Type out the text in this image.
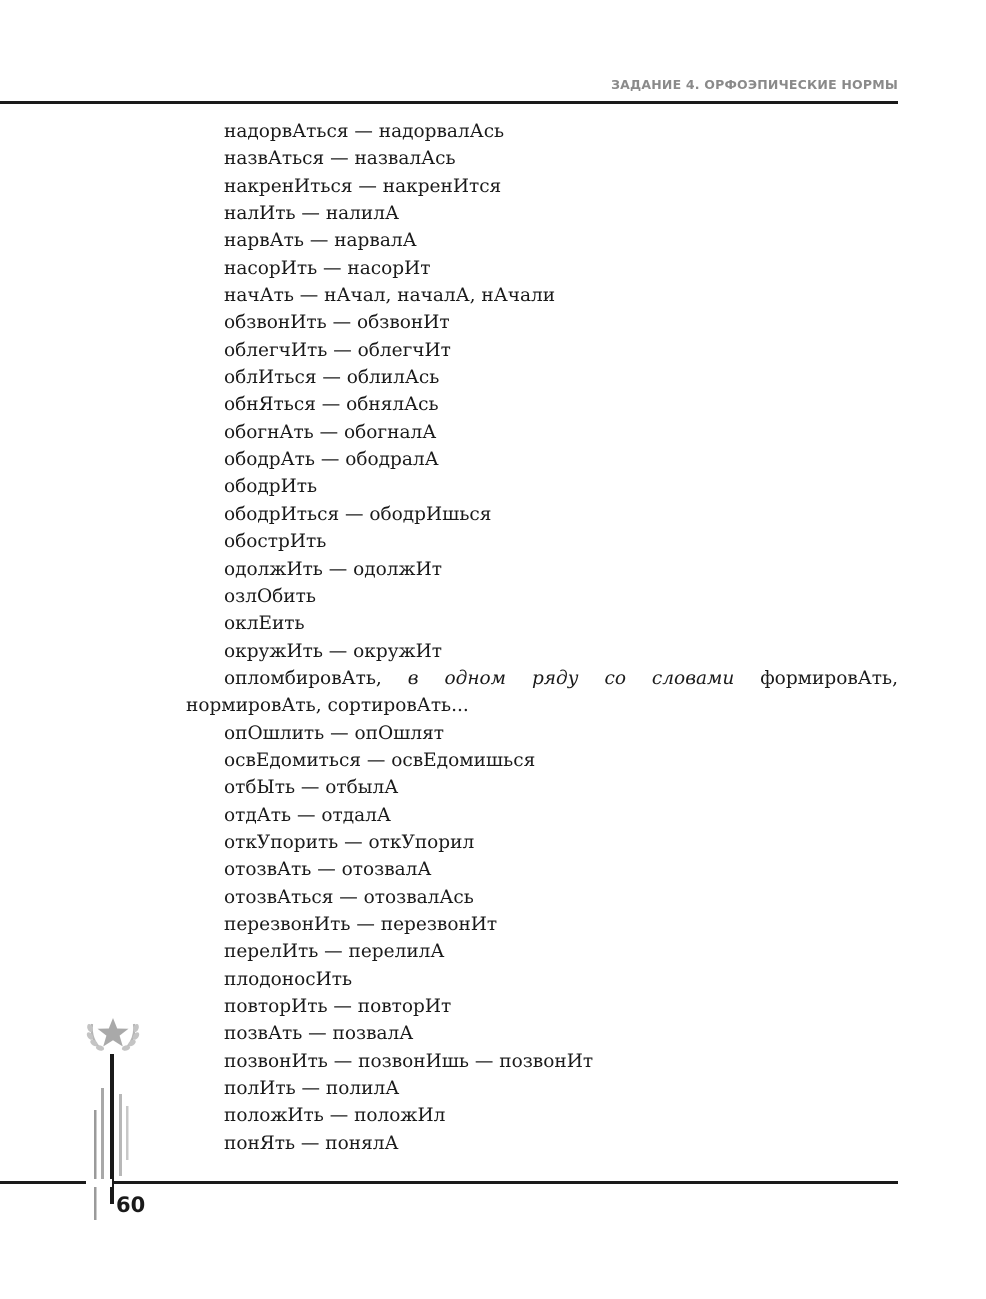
ЗАДАНИЕ 4. ОРФОЭПИЧЕСКИЕ НОРМЫ
надорвАться — надорвалАсь
назвАться — назвалАсь
накренИться — накренИтся
налИть — налилА
нарвАть — нарвалА
насорИть — насорИт
начАть — нАчал, началА, нАчали
обзвонИть — обзвонИт
облегчИть — облегчИт
облИться — облилАсь
обнЯться — обнялАсь
обогнАть — обогналА
ободрАть — ободралА
ободрИть
ободрИться — ободрИшься
обострИть
одолжИть — одолжИт
озлОбить
оклЕить
окружИть — окружИт
опломбировАть, в одном ряду со словами формировАть, нормировАть, сортировАть...
опОшлить — опОшлят
освЕдомиться — освЕдомишься
отбЫть — отбылА
отдАть — отдалА
откУпорить — откУпорил
отозвАть — отозвалА
отозвАться — отозвалАсь
перезвонИть — перезвонИт
перелИть — перелилА
плодоносИть
повторИть — повторИт
позвАть — позвалА
позвонИть — позвонИшь — позвонИт
полИть — полилА
положИть — положИл
понЯть — понялА
60
